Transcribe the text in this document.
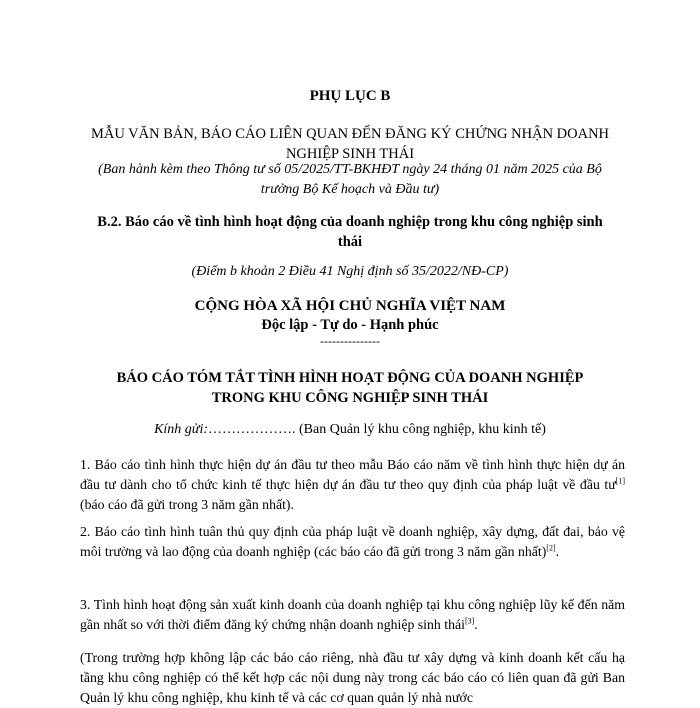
PHỤ LỤC B
MẪU VĂN BẢN, BÁO CÁO LIÊN QUAN ĐẾN ĐĂNG KÝ CHỨNG NHẬN DOANH NGHIỆP SINH THÁI
(Ban hành kèm theo Thông tư số 05/2025/TT-BKHĐT ngày 24 tháng 01 năm 2025 của Bộ trưởng Bộ Kế hoạch và Đầu tư)
B.2. Báo cáo về tình hình hoạt động của doanh nghiệp trong khu công nghiệp sinh thái
(Điểm b khoản 2 Điều 41 Nghị định số 35/2022/NĐ-CP)
CỘNG HÒA XÃ HỘI CHỦ NGHĨA VIỆT NAM
Độc lập - Tự do - Hạnh phúc
---------------
BÁO CÁO TÓM TẮT TÌNH HÌNH HOẠT ĐỘNG CỦA DOANH NGHIỆP TRONG KHU CÔNG NGHIỆP SINH THÁI
Kính gửi:………………. (Ban Quản lý khu công nghiệp, khu kinh tế)
1. Báo cáo tình hình thực hiện dự án đầu tư theo mẫu Báo cáo năm về tình hình thực hiện dự án đầu tư dành cho tổ chức kinh tế thực hiện dự án đầu tư theo quy định của pháp luật về đầu tư[1] (báo cáo đã gửi trong 3 năm gần nhất).
2. Báo cáo tình hình tuân thủ quy định của pháp luật về doanh nghiệp, xây dựng, đất đai, bảo vệ môi trường và lao động của doanh nghiệp (các báo cáo đã gửi trong 3 năm gần nhất)[2].
3. Tình hình hoạt động sản xuất kinh doanh của doanh nghiệp tại khu công nghiệp lũy kế đến năm gần nhất so với thời điểm đăng ký chứng nhận doanh nghiệp sinh thái[3].
(Trong trường hợp không lập các báo cáo riêng, nhà đầu tư xây dựng và kinh doanh kết cấu hạ tầng khu công nghiệp có thể kết hợp các nội dung này trong các báo cáo có liên quan đã gửi Ban Quản lý khu công nghiệp, khu kinh tế và các cơ quan quản lý nhà nước
